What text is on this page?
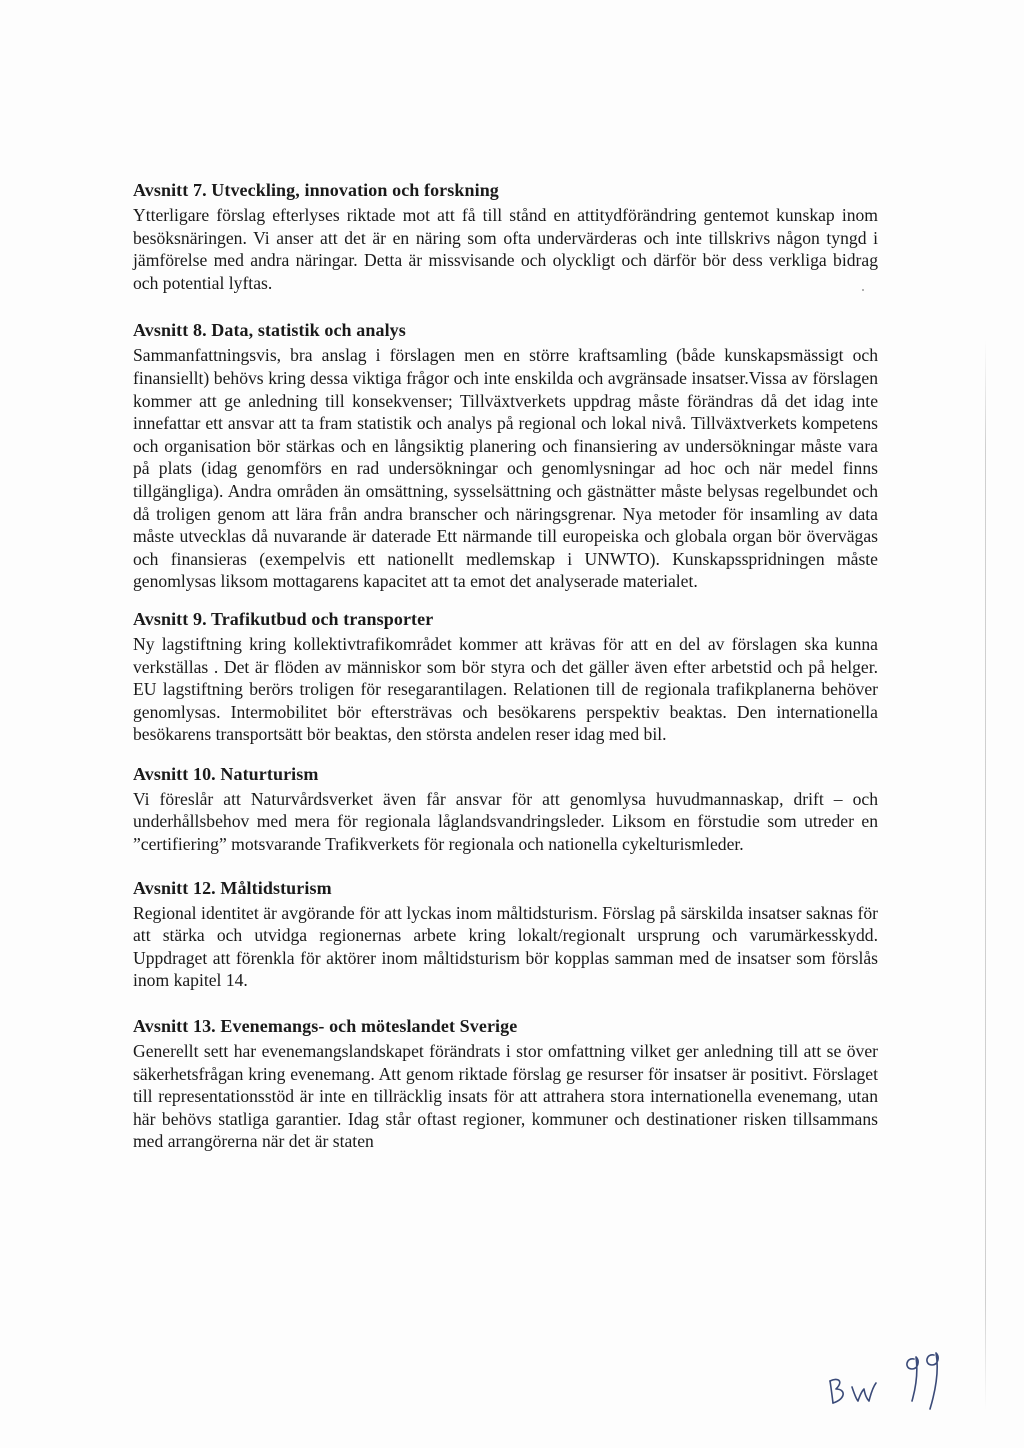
Avsnitt 7. Utveckling, innovation och forskning

Ytterligare förslag efterlyses riktade mot att få till stånd en attitydförändring gentemot kunskap inom besöksnäringen. Vi anser att det är en näring som ofta undervärderas och inte tillskrivs någon tyngd i jämförelse med andra näringar. Detta är missvisande och olyckligt och därför bör dess verkliga bidrag och potential lyftas.

Avsnitt 8. Data, statistik och analys

Sammanfattningsvis, bra anslag i förslagen men en större kraftsamling (både kunskapsmässigt och finansiellt) behövs kring dessa viktiga frågor och inte enskilda och avgränsade insatser.Vissa av förslagen kommer att ge anledning till konsekvenser; Tillväxtverkets uppdrag måste förändras då det idag inte innefattar ett ansvar att ta fram statistik och analys på regional och lokal nivå. Tillväxtverkets kompetens och organisation bör stärkas och en långsiktig planering och finansiering av undersökningar måste vara på plats (idag genomförs en rad undersökningar och genomlysningar ad hoc och när medel finns tillgängliga). Andra områden än omsättning, sysselsättning och gästnätter måste belysas regelbundet och då troligen genom att lära från andra branscher och näringsgrenar. Nya metoder för insamling av data måste utvecklas då nuvarande är daterade Ett närmande till europeiska och globala organ bör övervägas och finansieras (exempelvis ett nationellt medlemskap i UNWTO). Kunskapsspridningen måste genomlysas liksom mottagarens kapacitet att ta emot det analyserade materialet.

Avsnitt 9. Trafikutbud och transporter

Ny lagstiftning kring kollektivtrafikområdet kommer att krävas för att en del av förslagen ska kunna verkställas . Det är flöden av människor som bör styra och det gäller även efter arbetstid och på helger. EU lagstiftning berörs troligen för resegarantilagen. Relationen till de regionala trafikplanerna behöver genomlysas. Intermobilitet bör eftersträvas och besökarens perspektiv beaktas. Den internationella besökarens transportsätt bör beaktas, den största andelen reser idag med bil.

Avsnitt 10. Naturturism

Vi föreslår att Naturvårdsverket även får ansvar för att genomlysa huvudmannaskap, drift – och underhållsbehov med mera för regionala låglandsvandringsleder. Liksom en förstudie som utreder en ”certifiering” motsvarande Trafikverkets för regionala och nationella cykelturismleder.

Avsnitt 12. Måltidsturism

Regional identitet är avgörande för att lyckas inom måltidsturism. Förslag på särskilda insatser saknas för att stärka och utvidga regionernas arbete kring lokalt/regionalt ursprung och varumärkesskydd. Uppdraget att förenkla för aktörer inom måltidsturism bör kopplas samman med de insatser som förslås inom kapitel 14.

Avsnitt 13. Evenemangs- och möteslandet Sverige

Generellt sett har evenemangslandskapet förändrats i stor omfattning vilket ger anledning till att se över säkerhetsfrågan kring evenemang. Att genom riktade förslag ge resurser för insatser är positivt. Förslaget till representationsstöd är inte en tillräcklig insats för att attrahera stora internationella evenemang, utan här behövs statliga garantier. Idag står oftast regioner, kommuner och destinationer risken tillsammans med arrangörerna när det är staten
